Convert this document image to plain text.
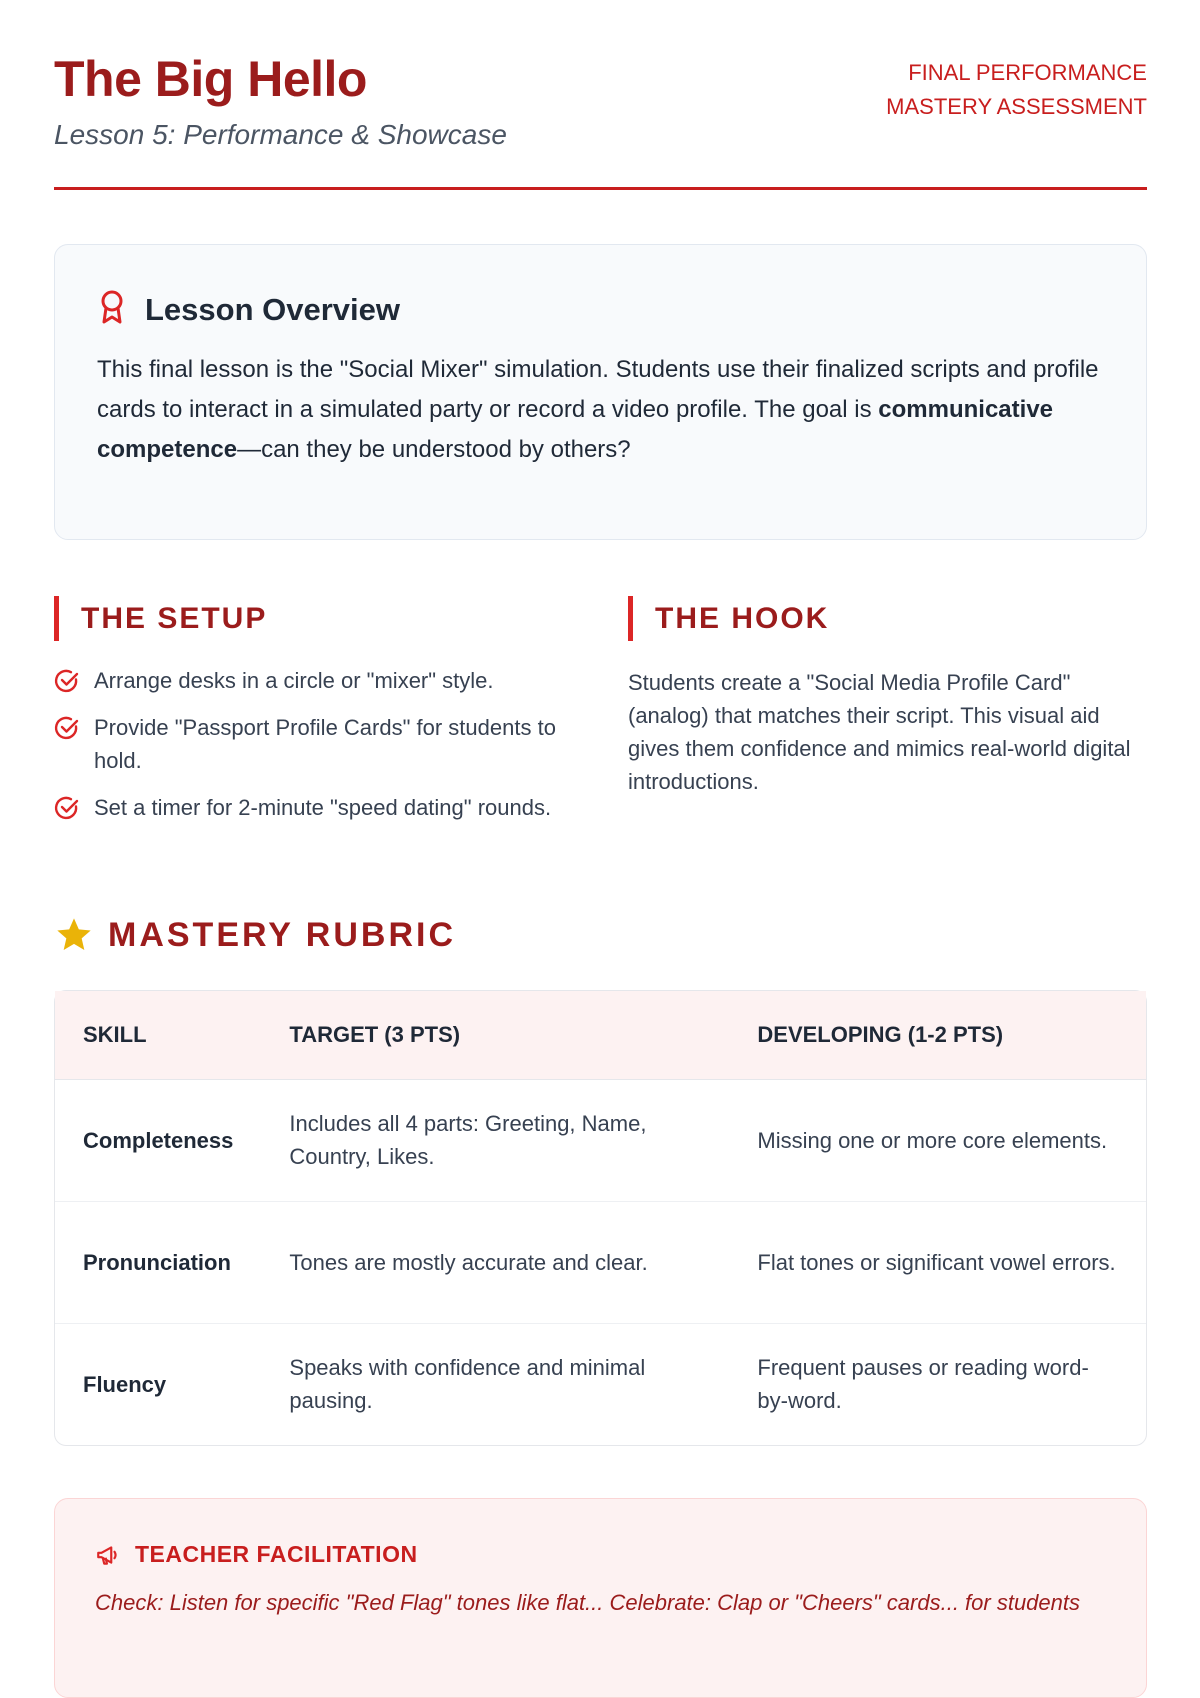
The Big Hello
Lesson 5: Performance & Showcase
FINAL PERFORMANCE
MASTERY ASSESSMENT
Lesson Overview

This final lesson is the "Social Mixer" simulation. Students use their finalized scripts and profile cards to interact in a simulated party or record a video profile. The goal is communicative competence—can they be understood by others?

THE SETUP
Arrange desks in a circle or "mixer" style.
Provide "Passport Profile Cards" for students to hold.
Set a timer for 2-minute "speed dating" rounds.
THE HOOK

Students create a "Social Media Profile Card" (analog) that matches their script. This visual aid gives them confidence and mimics real-world digital introductions.

MASTERY RUBRIC
SKILL	TARGET (3 PTS)	DEVELOPING (1-2 PTS)
Completeness	Includes all 4 parts: Greeting, Name, Country, Likes.	Missing one or more core elements.
Pronunciation	Tones are mostly accurate and clear.	Flat tones or significant vowel errors.
Fluency	Speaks with confidence and minimal pausing.	Frequent pauses or reading word-by-word.
TEACHER FACILITATION

Check: Listen for specific "Red Flag" tones like flat... Celebrate: Clap or "Cheers" cards... for students
